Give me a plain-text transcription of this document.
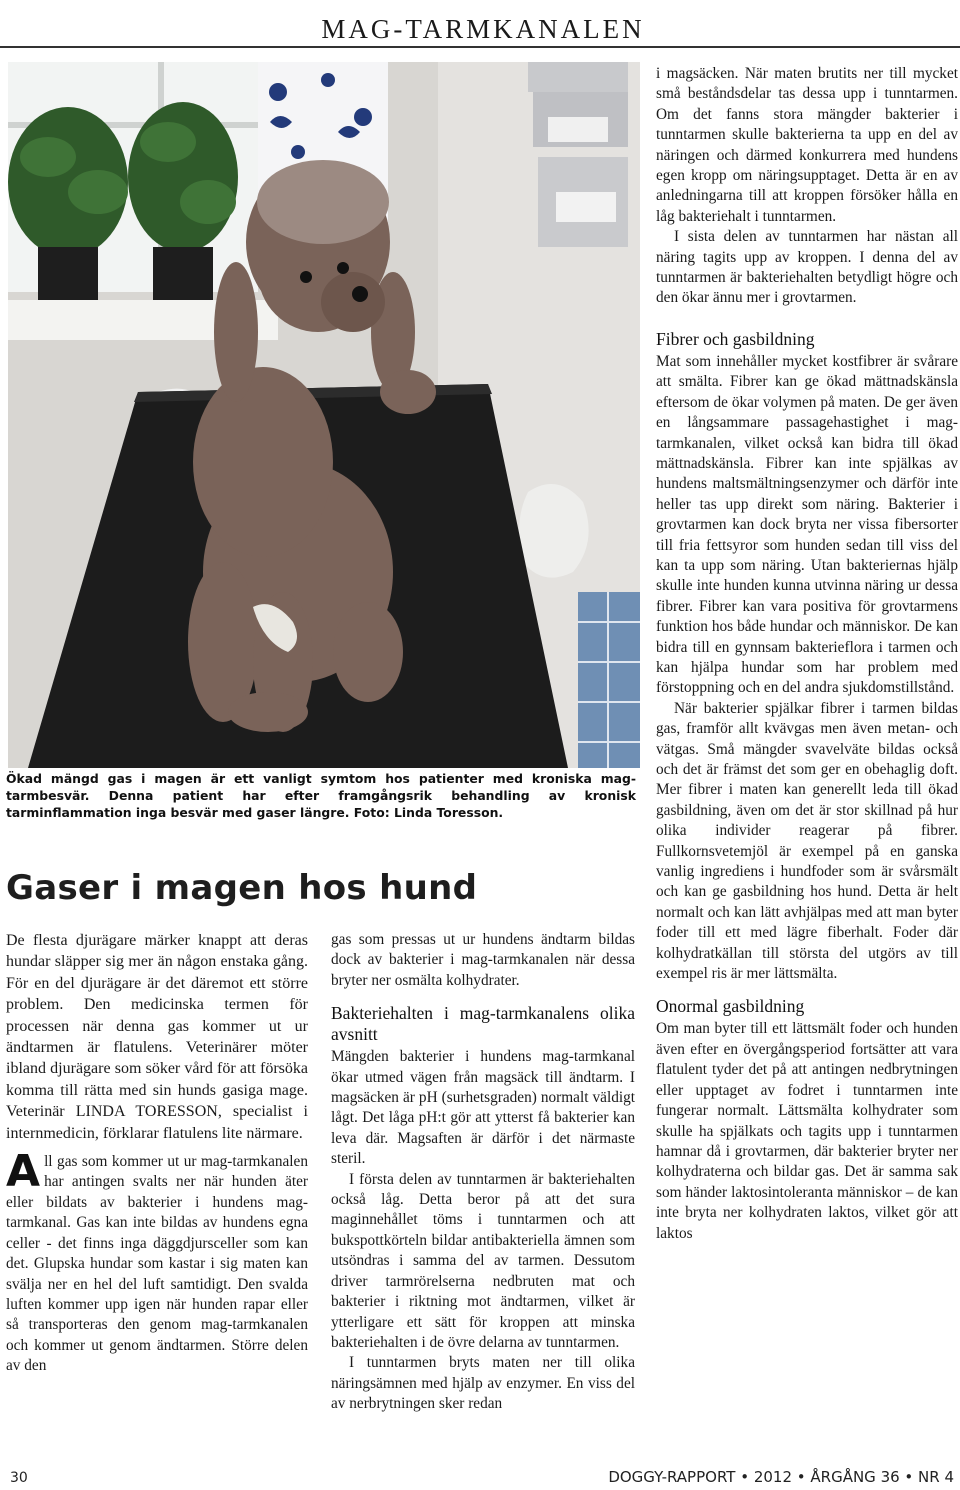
MAG-TARMKANALEN
Ökad mängd gas i magen är ett vanligt symtom hos patienter med kroniska mag-tarmbesvär. Denna patient har efter framgångsrik behandling av kronisk tarminflammation inga besvär med gaser längre. Foto: Linda Toresson.
Gaser i magen hos hund

De flesta djurägare märker knappt att deras hundar släpper sig mer än någon enstaka gång. För en del djurägare är det däremot ett större problem. Den medicinska termen för processen när denna gas kommer ut ur ändtarmen är flatulens. Veterinärer möter ibland djurägare som söker vård för att försöka komma till rätta med sin hunds gasiga mage. Veterinär LINDA TORESSON, specialist i internmedicin, förklarar flatulens lite närmare.

All gas som kommer ut ur mag-tarmkanalen har antingen svalts ner när hunden äter eller bildats av bakterier i hundens mag-tarmkanal. Gas kan inte bildas av hundens egna celler - det finns inga däggdjursceller som kan det. Glupska hundar som kastar i sig maten kan svälja ner en hel del luft samtidigt. Den svalda luften kommer upp igen när hunden rapar eller så transporteras den genom mag-tarmkanalen och kommer ut genom ändtarmen. Större delen av den

gas som pressas ut ur hundens ändtarm bildas dock av bakterier i mag-tarmkanalen när dessa bryter ner osmälta kolhydrater.

Bakteriehalten i mag-tarmkanalens olika avsnitt

Mängden bakterier i hundens mag-tarmkanal ökar utmed vägen från magsäck till ändtarm. I magsäcken är pH (surhetsgraden) normalt väldigt lågt. Det låga pH:t gör att ytterst få bakterier kan leva där. Magsaften är därför i det närmaste steril.

I första delen av tunntarmen är bakteriehalten också låg. Detta beror på att det sura maginnehållet töms i tunntarmen och att bukspottkörteln bildar antibakteriella ämnen som utsöndras i samma del av tarmen. Dessutom driver tarmrörelserna nedbruten mat och bakterier i riktning mot ändtarmen, vilket är ytterligare ett sätt för kroppen att minska bakteriehalten i de övre delarna av tunntarmen.

I tunntarmen bryts maten ner till olika näringsämnen med hjälp av enzymer. En viss del av nerbrytningen sker redan

i magsäcken. När maten brutits ner till mycket små beståndsdelar tas dessa upp i tunntarmen. Om det fanns stora mängder bakterier i tunntarmen skulle bakterierna ta upp en del av näringen och därmed konkurrera med hundens egen kropp om näringsupptaget. Detta är en av anledningarna till att kroppen försöker hålla en låg bakteriehalt i tunntarmen.

I sista delen av tunntarmen har nästan all näring tagits upp av kroppen. I denna del av tunntarmen är bakteriehalten betydligt högre och den ökar ännu mer i grovtarmen.

Fibrer och gasbildning

Mat som innehåller mycket kostfibrer är svårare att smälta. Fibrer kan ge ökad mättnadskänsla eftersom de ökar volymen på maten. De ger även en långsammare passagehastighet i mag-tarmkanalen, vilket också kan bidra till ökad mättnadskänsla. Fibrer kan inte spjälkas av hundens maltsmältningsenzymer och därför inte heller tas upp direkt som näring. Bakterier i grovtarmen kan dock bryta ner vissa fibersorter till fria fettsyror som hunden sedan till viss del kan ta upp som näring. Utan bakteriernas hjälp skulle inte hunden kunna utvinna näring ur dessa fibrer. Fibrer kan vara positiva för grovtarmens funktion hos både hundar och människor. De kan bidra till en gynnsam bakterieflora i tarmen och kan hjälpa hundar som har problem med förstoppning och en del andra sjukdomstillstånd.

När bakterier spjälkar fibrer i tarmen bildas gas, framför allt kvävgas men även metan- och vätgas. Små mängder svavelväte bildas också och det är främst det som ger en obehaglig doft. Mer fibrer i maten kan generellt leda till ökad gasbildning, även om det är stor skillnad på hur olika individer reagerar på fibrer. Fullkornsvetemjöl är exempel på en ganska vanlig ingrediens i hundfoder som är svårsmält och kan ge gasbildning hos hund. Detta är helt normalt och kan lätt avhjälpas med att man byter foder till ett med lägre fiberhalt. Foder där kolhydratkällan till största del utgörs av till exempel ris är mer lättsmälta.

Onormal gasbildning

Om man byter till ett lättsmält foder och hunden även efter en övergångsperiod fortsätter att vara flatulent tyder det på att antingen nedbrytningen eller upptaget av fodret i tunntarmen inte fungerar normalt. Lättsmälta kolhydrater som skulle ha spjälkats och tagits upp i tunntarmen hamnar då i grovtarmen, där bakterier bryter ner kolhydraterna och bildar gas. Det är samma sak som händer laktosintoleranta människor – de kan inte bryta ner kolhydraten laktos, vilket gör att laktos

30	DOGGY-RAPPORT • 2012 • ÅRGÅNG 36 • NR 4
